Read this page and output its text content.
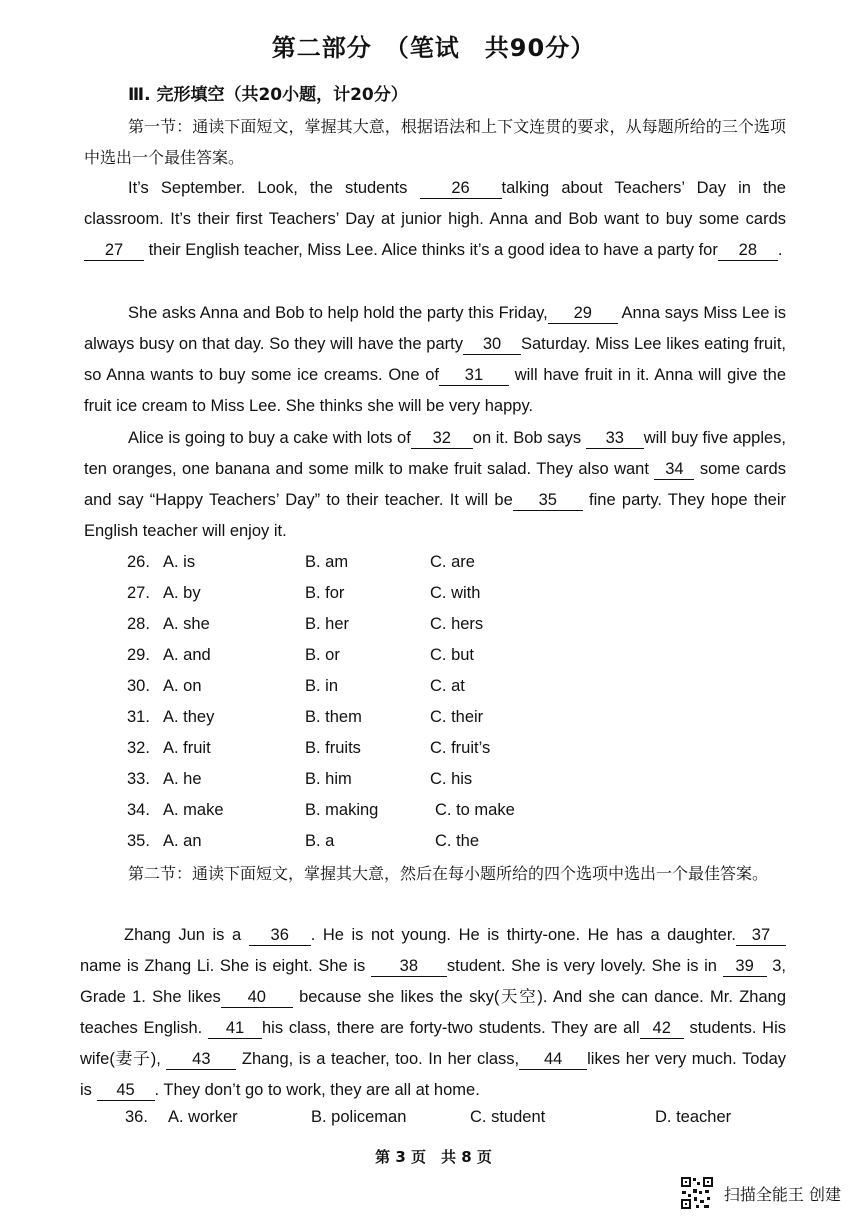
第二部分　（笔试　共90分）
Ⅲ. 完形填空（共20小题，计20分）
第一节：通读下面短文，掌握其大意，根据语法和上下文连贯的要求，从每题所给的三个选项中选出一个最佳答案。
It’s September. Look, the students 26 talking about Teachers’ Day in the classroom. It’s their first Teachers’ Day at junior high. Anna and Bob want to buy some cards27 their English teacher, Miss Lee. Alice thinks it’s a good idea to have a party for 28 .
She asks Anna and Bob to help hold the party this Friday, 29 Anna says Miss Lee is always busy on that day. So they will have the party 30 Saturday. Miss Lee likes eating fruit, so Anna wants to buy some ice creams. One of 31 will have fruit in it. Anna will give the fruit ice cream to Miss Lee. She thinks she will be very happy.
Alice is going to buy a cake with lots of 32 on it. Bob says 33 will buy five apples, ten oranges, one banana and some milk to make fruit salad. They also want 34 some cards and say “Happy Teachers’ Day” to their teacher. It will be 35 fine party. They hope their English teacher will enjoy it.
26. A. is	B. am	C. are
27. A. by	B. for	C. with
28. A. she	B. her	C. hers
29. A. and	B. or	C. but
30. A. on	B. in	C. at
31. A. they	B. them	C. their
32. A. fruit	B. fruits	C. fruit’s
33. A. he	B. him	C. his
34. A. make	B. making	C. to make
35. A. an	B. a	C. the
第二节：通读下面短文，掌握其大意，然后在每小题所给的四个选项中选出一个最佳答案。
Zhang Jun is a 36 . He is not young. He is thirty-one. He has a daughter. 37 name is Zhang Li. She is eight. She is 38 student. She is very lovely. She is in 39 3, Grade 1. She likes 40 because she likes the sky(天空). And she can dance. Mr. Zhang teaches English. 41 his class, there are forty-two students. They are all 42 students. His wife(妻子), 43 Zhang, is a teacher, too. In her class, 44 likes her very much. Today is 45 . They don’t go to work, they are all at home.
36. A. worker	B. policeman	C. student	D. teacher
第 3 页　共 8 页
扫描全能王 创建
